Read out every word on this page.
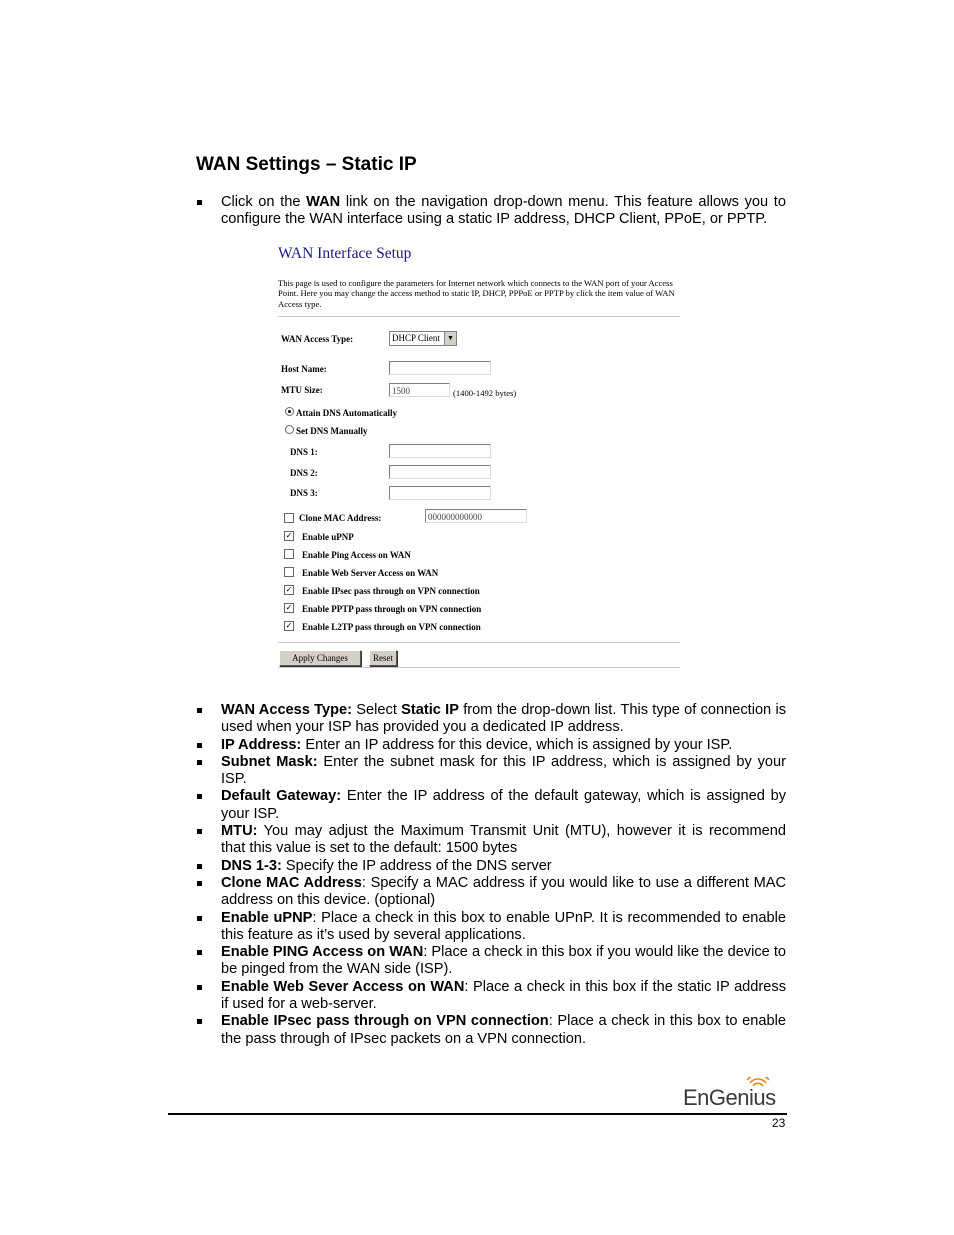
WAN Settings – Static IP
Click on the WAN link on the navigation drop-down menu. This feature allows you to configure the WAN interface using a static IP address, DHCP Client, PPoE, or PPTP.
WAN Interface Setup
This page is used to configure the parameters for Internet network which connects to the WAN port of your Access Point. Here you may change the access method to static IP, DHCP, PPPoE or PPTP by click the item value of WAN Access type.
WAN Access Type:	DHCP Client	▼
Host Name:
MTU Size:	1500	(1400-1492 bytes)
Attain DNS Automatically
Set DNS Manually
DNS 1:
DNS 2:
DNS 3:
Clone MAC Address:	000000000000
✓ Enable uPNP
Enable Ping Access on WAN
Enable Web Server Access on WAN
✓ Enable IPsec pass through on VPN connection
✓ Enable PPTP pass through on VPN connection
✓ Enable L2TP pass through on VPN connection
Apply Changes	Reset
WAN Access Type: Select Static IP from the drop-down list. This type of connection is used when your ISP has provided you a dedicated IP address.
IP Address: Enter an IP address for this device, which is assigned by your ISP.
Subnet Mask: Enter the subnet mask for this IP address, which is assigned by your ISP.
Default Gateway: Enter the IP address of the default gateway, which is assigned by your ISP.
MTU: You may adjust the Maximum Transmit Unit (MTU), however it is recommend that this value is set to the default: 1500 bytes
DNS 1-3: Specify the IP address of the DNS server
Clone MAC Address: Specify a MAC address if you would like to use a different MAC address on this device. (optional)
Enable uPNP: Place a check in this box to enable UPnP. It is recommended to enable this feature as it’s used by several applications.
Enable PING Access on WAN: Place a check in this box if you would like the device to be pinged from the WAN side (ISP).
Enable Web Sever Access on WAN: Place a check in this box if the static IP address if used for a web-server.
Enable IPsec pass through on VPN connection: Place a check in this box to enable the pass through of IPsec packets on a VPN connection.
EnGenius
23
